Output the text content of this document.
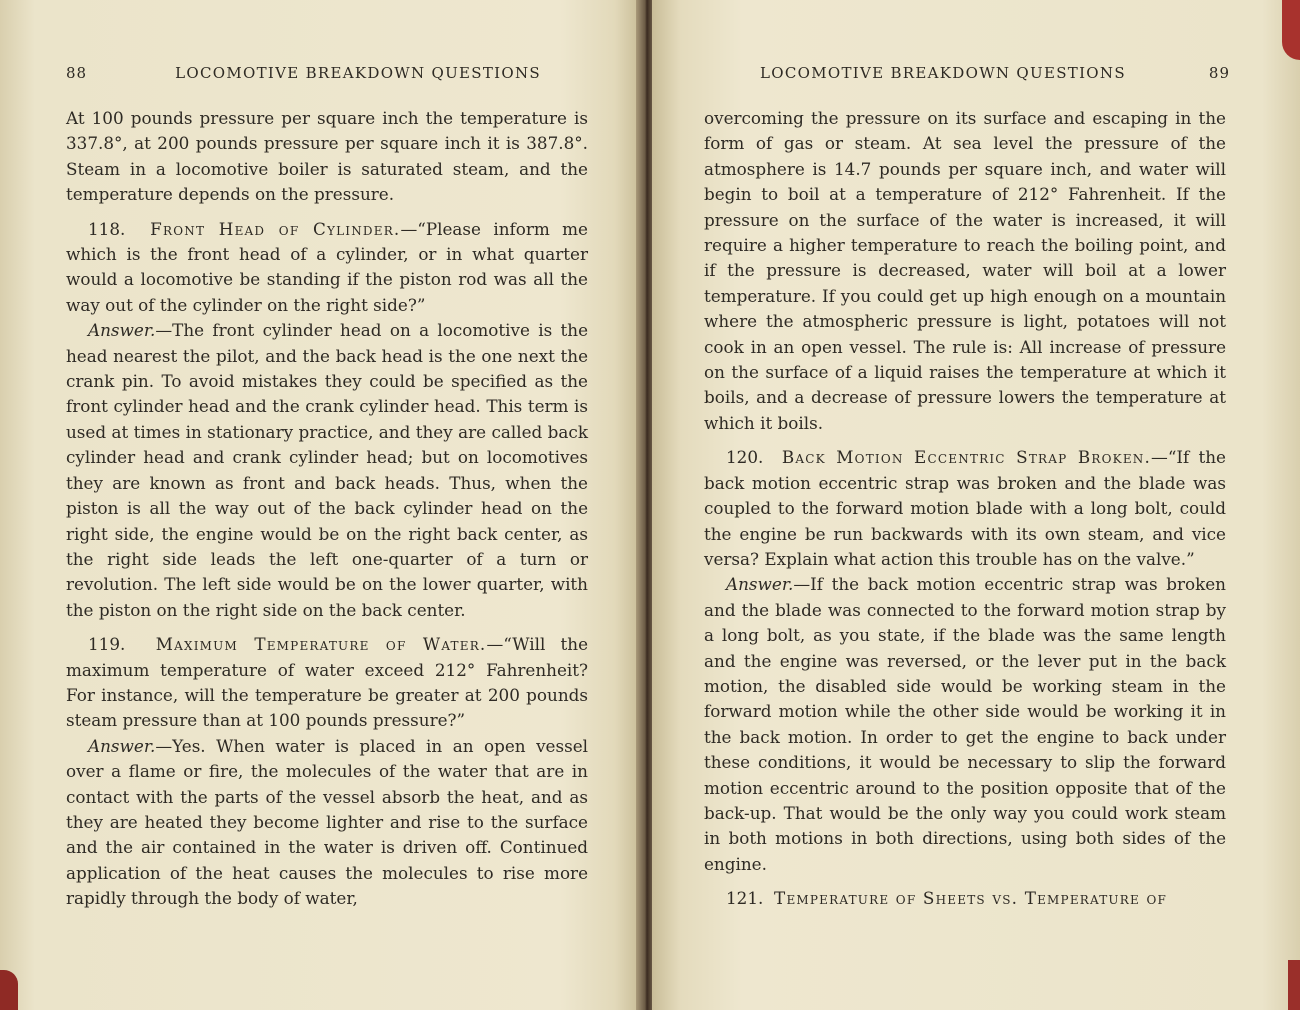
88	LOCOMOTIVE BREAKDOWN QUESTIONS

At 100 pounds pressure per square inch the temperature is 337.8°, at 200 pounds pressure per square inch it is 387.8°. Steam in a locomotive boiler is saturated steam, and the temperature depends on the pressure.

118. Front Head of Cylinder.—“Please inform me which is the front head of a cylinder, or in what quarter would a locomotive be standing if the piston rod was all the way out of the cylinder on the right side?”

Answer.—The front cylinder head on a locomotive is the head nearest the pilot, and the back head is the one next the crank pin. To avoid mistakes they could be specified as the front cylinder head and the crank cylinder head. This term is used at times in stationary practice, and they are called back cylinder head and crank cylinder head; but on locomotives they are known as front and back heads. Thus, when the piston is all the way out of the back cylinder head on the right side, the engine would be on the right back center, as the right side leads the left one-quarter of a turn or revolution. The left side would be on the lower quarter, with the piston on the right side on the back center.

119. Maximum Temperature of Water.—“Will the maximum temperature of water exceed 212° Fahrenheit? For instance, will the temperature be greater at 200 pounds steam pressure than at 100 pounds pressure?”

Answer.—Yes. When water is placed in an open vessel over a flame or fire, the molecules of the water that are in contact with the parts of the vessel absorb the heat, and as they are heated they become lighter and rise to the surface and the air contained in the water is driven off. Continued application of the heat causes the molecules to rise more rapidly through the body of water,

LOCOMOTIVE BREAKDOWN QUESTIONS	89

overcoming the pressure on its surface and escaping in the form of gas or steam. At sea level the pressure of the atmosphere is 14.7 pounds per square inch, and water will begin to boil at a temperature of 212° Fahrenheit. If the pressure on the surface of the water is increased, it will require a higher temperature to reach the boiling point, and if the pressure is decreased, water will boil at a lower temperature. If you could get up high enough on a mountain where the atmospheric pressure is light, potatoes will not cook in an open vessel. The rule is: All increase of pressure on the surface of a liquid raises the temperature at which it boils, and a decrease of pressure lowers the temperature at which it boils.

120. Back Motion Eccentric Strap Broken.—“If the back motion eccentric strap was broken and the blade was coupled to the forward motion blade with a long bolt, could the engine be run backwards with its own steam, and vice versa? Explain what action this trouble has on the valve.”

Answer.—If the back motion eccentric strap was broken and the blade was connected to the forward motion strap by a long bolt, as you state, if the blade was the same length and the engine was reversed, or the lever put in the back motion, the disabled side would be working steam in the forward motion while the other side would be working it in the back motion. In order to get the engine to back under these conditions, it would be necessary to slip the forward motion eccentric around to the position opposite that of the back-up. That would be the only way you could work steam in both motions in both directions, using both sides of the engine.

121. Temperature of Sheets vs. Temperature of
